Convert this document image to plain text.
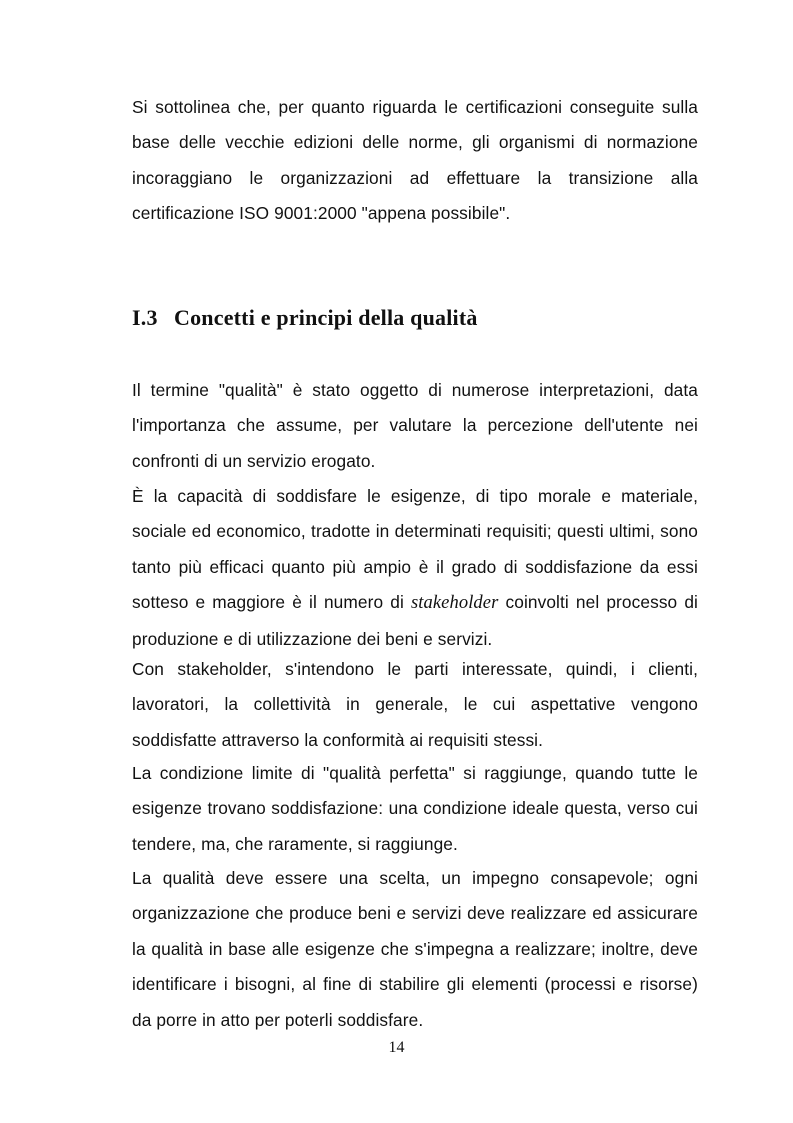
Si sottolinea che, per quanto riguarda le certificazioni conseguite sulla base delle vecchie edizioni delle norme, gli organismi di normazione incoraggiano le organizzazioni ad effettuare la transizione alla certificazione ISO 9001:2000 "appena possibile".

I.3 Concetti e principi della qualità

Il termine "qualità" è stato oggetto di numerose interpretazioni, data l'importanza che assume, per valutare la percezione dell'utente nei confronti di un servizio erogato.

È la capacità di soddisfare le esigenze, di tipo morale e materiale, sociale ed economico, tradotte in determinati requisiti; questi ultimi, sono tanto più efficaci quanto più ampio è il grado di soddisfazione da essi sotteso e maggiore è il numero di stakeholder coinvolti nel processo di produzione e di utilizzazione dei beni e servizi.

Con stakeholder, s'intendono le parti interessate, quindi, i clienti, lavoratori, la collettività in generale, le cui aspettative vengono soddisfatte attraverso la conformità ai requisiti stessi.

La condizione limite di "qualità perfetta" si raggiunge, quando tutte le esigenze trovano soddisfazione: una condizione ideale questa, verso cui tendere, ma, che raramente, si raggiunge.

La qualità deve essere una scelta, un impegno consapevole; ogni organizzazione che produce beni e servizi deve realizzare ed assicurare la qualità in base alle esigenze che s'impegna a realizzare; inoltre, deve identificare i bisogni, al fine di stabilire gli elementi (processi e risorse) da porre in atto per poterli soddisfare.

14
